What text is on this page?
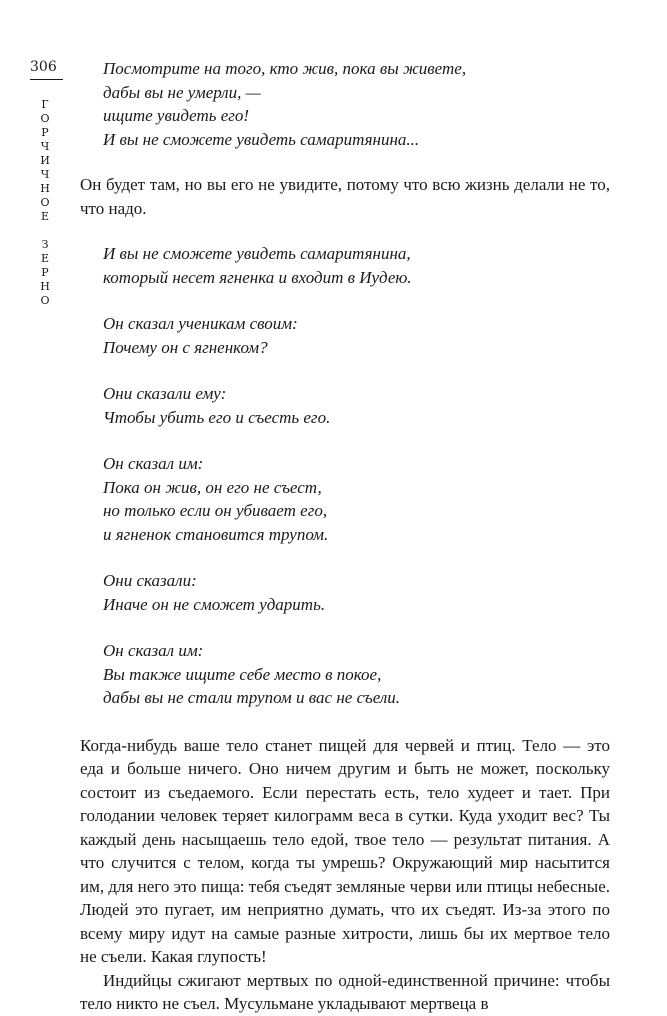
306
Г
О
Р
Ч
И
Ч
Н
О
Е
З
Е
Р
Н
О
Посмотрите на того, кто жив, пока вы живете,
дабы вы не умерли, —
ищите увидеть его!
И вы не сможете увидеть самаритянина...

Он будет там, но вы его не увидите, потому что всю жизнь делали не то, что надо.

И вы не сможете увидеть самаритянина,
который несет ягненка и входит в Иудею.
Он сказал ученикам своим:
Почему он с ягненком?
Они сказали ему:
Чтобы убить его и съесть его.
Он сказал им:
Пока он жив, он его не съест,
но только если он убивает его,
и ягненок становится трупом.
Они сказали:
Иначе он не сможет ударить.
Он сказал им:
Вы также ищите себе место в покое,
дабы вы не стали трупом и вас не съели.

Когда-нибудь ваше тело станет пищей для червей и птиц. Тело — это еда и больше ничего. Оно ничем другим и быть не может, поскольку состоит из съедаемого. Если перестать есть, тело худеет и тает. При голодании человек теряет килограмм веса в сутки. Куда уходит вес? Ты каждый день насыщаешь тело едой, твое тело — результат питания. А что случится с телом, когда ты умрешь? Окружающий мир насытится им, для него это пища: тебя съедят земляные черви или птицы небесные. Людей это пугает, им неприятно думать, что их съедят. Из-за этого по всему миру идут на самые разные хитрости, лишь бы их мертвое тело не съели. Какая глупость!

Индийцы сжигают мертвых по одной-единственной причине: чтобы тело никто не съел. Мусульмане укладывают мертвеца в
